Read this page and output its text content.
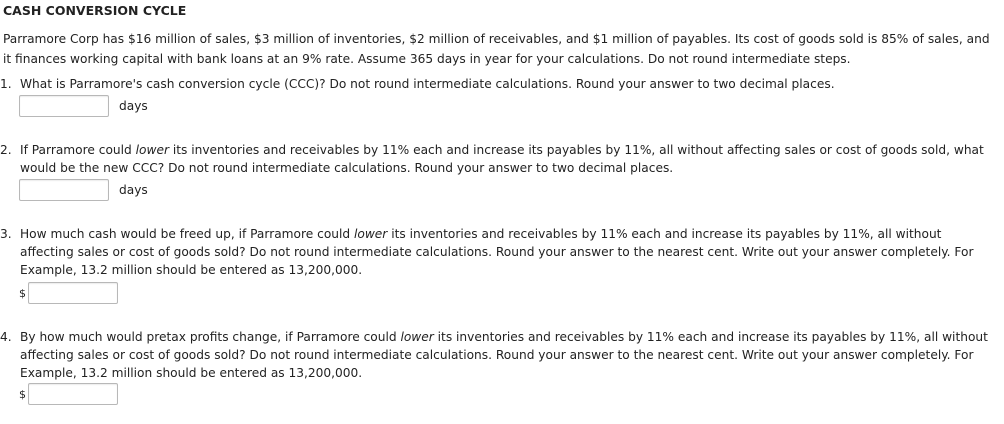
CASH CONVERSION CYCLE
Parramore Corp has $16 million of sales, $3 million of inventories, $2 million of receivables, and $1 million of payables. Its cost of goods sold is 85% of sales, and it finances working capital with bank loans at an 9% rate. Assume 365 days in year for your calculations. Do not round intermediate steps.
1. What is Parramore's cash conversion cycle (CCC)? Do not round intermediate calculations. Round your answer to two decimal places.
days
2. If Parramore could lower its inventories and receivables by 11% each and increase its payables by 11%, all without affecting sales or cost of goods sold, what would be the new CCC? Do not round intermediate calculations. Round your answer to two decimal places.
days
3. How much cash would be freed up, if Parramore could lower its inventories and receivables by 11% each and increase its payables by 11%, all without affecting sales or cost of goods sold? Do not round intermediate calculations. Round your answer to the nearest cent. Write out your answer completely. For Example, 13.2 million should be entered as 13,200,000.
$
4. By how much would pretax profits change, if Parramore could lower its inventories and receivables by 11% each and increase its payables by 11%, all without affecting sales or cost of goods sold? Do not round intermediate calculations. Round your answer to the nearest cent. Write out your answer completely. For Example, 13.2 million should be entered as 13,200,000.
$
